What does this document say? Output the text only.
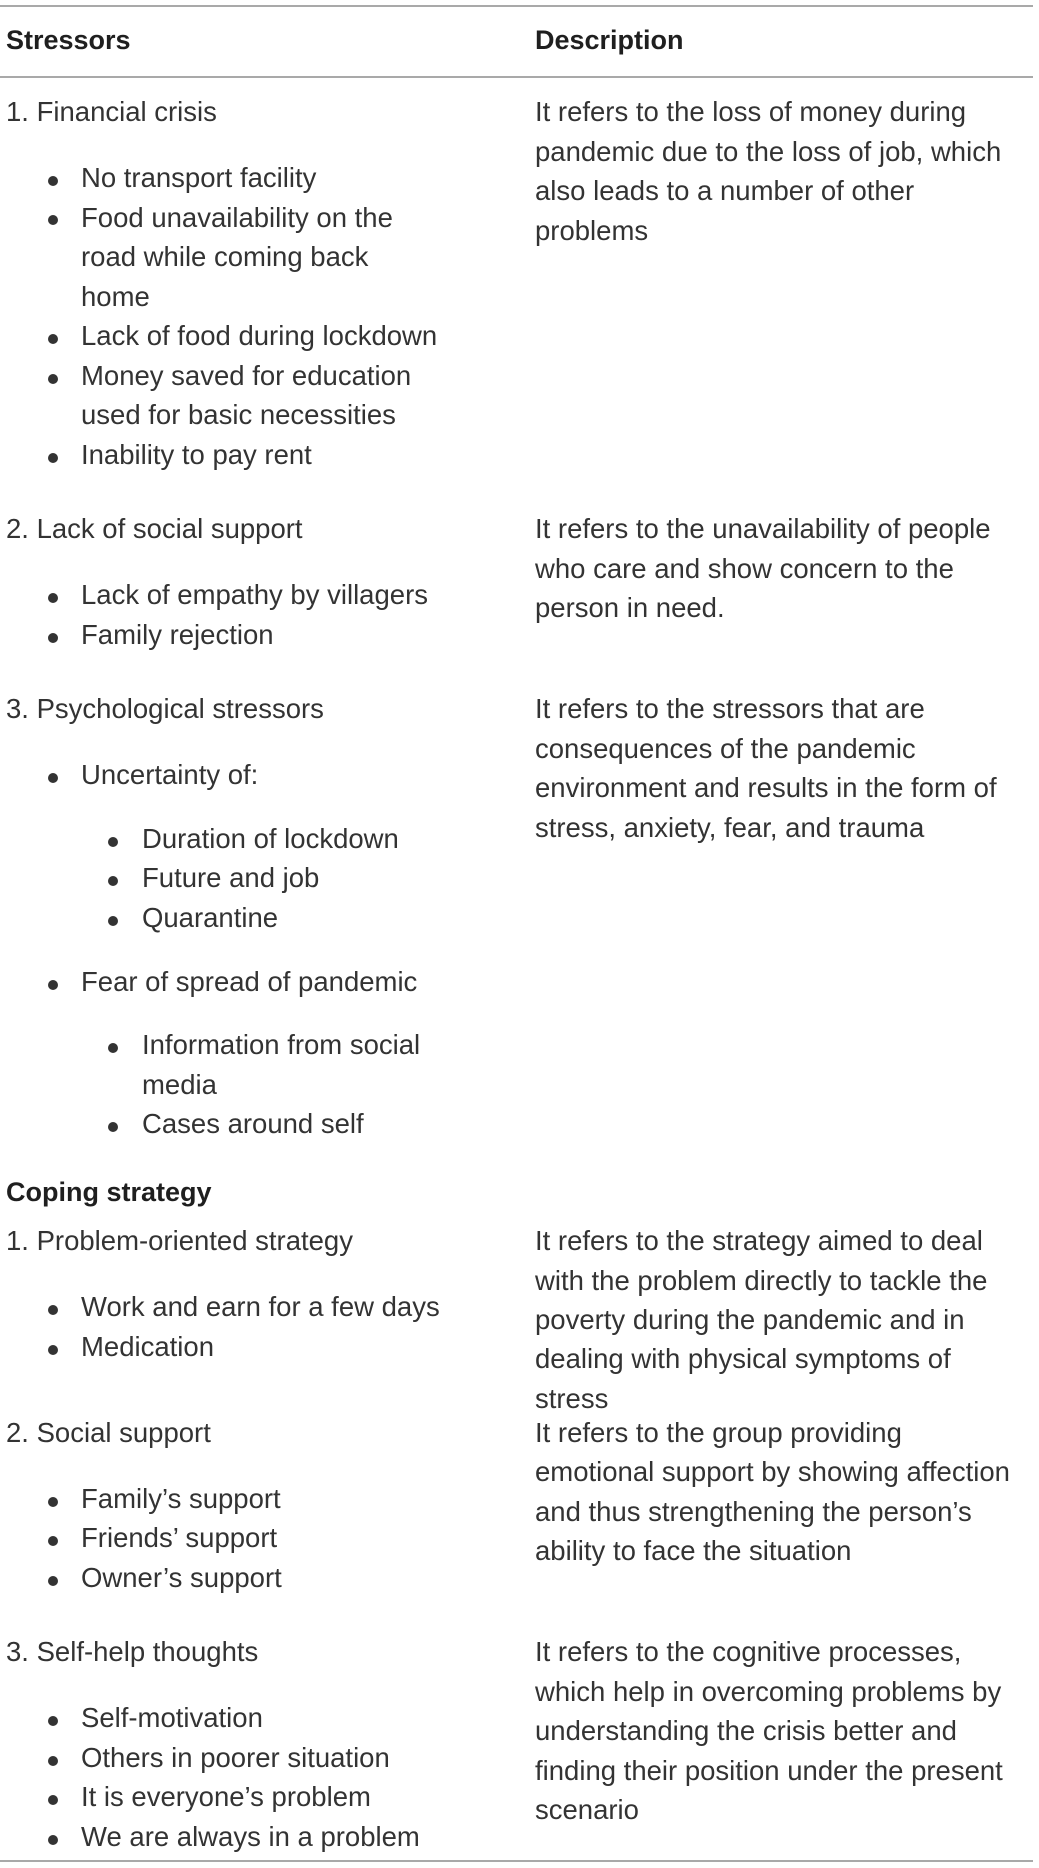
Stressors	Description
1. Financial crisis
No transport facility
Food unavailability on the
road while coming back
home
Lack of food during lockdown
Money saved for education
used for basic necessities
Inability to pay rent
It refers to the loss of money during
pandemic due to the loss of job, which
also leads to a number of other
problems
2. Lack of social support
Lack of empathy by villagers
Family rejection
It refers to the unavailability of people
who care and show concern to the
person in need.
3. Psychological stressors
Uncertainty of:
Duration of lockdown
Future and job
Quarantine
Fear of spread of pandemic
Information from social
media
Cases around self
It refers to the stressors that are
consequences of the pandemic
environment and results in the form of
stress, anxiety, fear, and trauma
Coping strategy
1. Problem-oriented strategy
Work and earn for a few days
Medication
It refers to the strategy aimed to deal
with the problem directly to tackle the
poverty during the pandemic and in
dealing with physical symptoms of
stress
2. Social support
Family’s support
Friends’ support
Owner’s support
It refers to the group providing
emotional support by showing affection
and thus strengthening the person’s
ability to face the situation
3. Self-help thoughts
Self-motivation
Others in poorer situation
It is everyone’s problem
We are always in a problem
It refers to the cognitive processes,
which help in overcoming problems by
understanding the crisis better and
finding their position under the present
scenario
